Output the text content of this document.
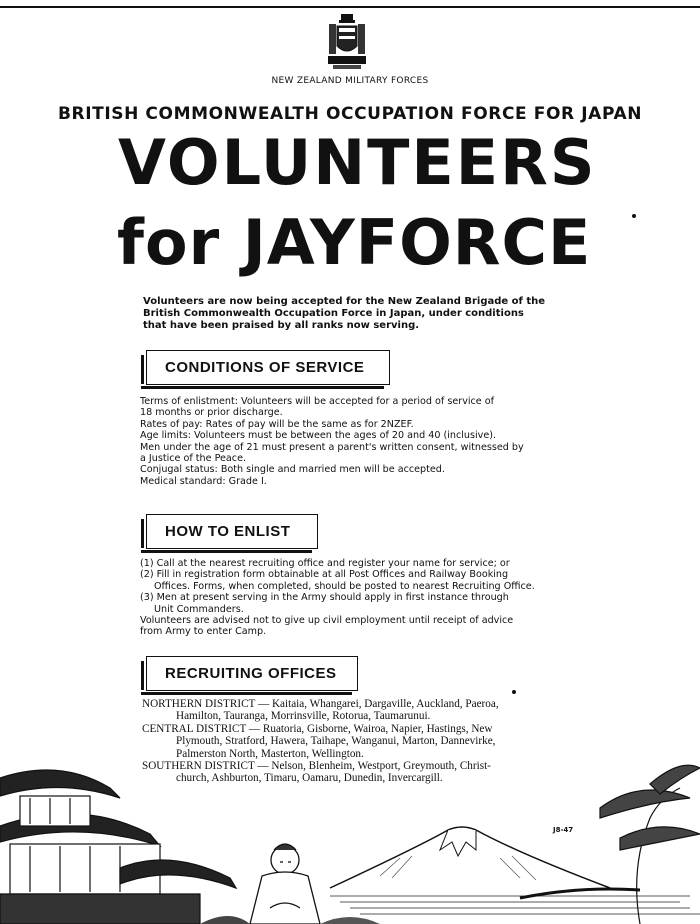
NEW ZEALAND MILITARY FORCES
BRITISH COMMONWEALTH OCCUPATION FORCE FOR JAPAN
VOLUNTEERS
for JAYFORCE
Volunteers are now being accepted for the New Zealand Brigade of the
British Commonwealth Occupation Force in Japan, under conditions
that have been praised by all ranks now serving.
CONDITIONS OF SERVICE
Terms of enlistment: Volunteers will be accepted for a period of service of
18 months or prior discharge.
Rates of pay: Rates of pay will be the same as for 2NZEF.
Age limits: Volunteers must be between the ages of 20 and 40 (inclusive).
Men under the age of 21 must present a parent's written consent, witnessed by
a Justice of the Peace.
Conjugal status: Both single and married men will be accepted.
Medical standard: Grade I.
HOW TO ENLIST
(1) Call at the nearest recruiting office and register your name for service; or
(2) Fill in registration form obtainable at all Post Offices and Railway Booking
Offices. Forms, when completed, should be posted to nearest Recruiting Office.
(3) Men at present serving in the Army should apply in first instance through
Unit Commanders.
Volunteers are advised not to give up civil employment until receipt of advice
from Army to enter Camp.
RECRUITING OFFICES
NORTHERN DISTRICT — Kaitaia, Whangarei, Dargaville, Auckland, Paeroa,
Hamilton, Tauranga, Morrinsville, Rotorua, Taumarunui.
CENTRAL DISTRICT — Ruatoria, Gisborne, Wairoa, Napier, Hastings, New
Plymouth, Stratford, Hawera, Taihape, Wanganui, Marton, Dannevirke,
Palmerston North, Masterton, Wellington.
SOUTHERN DISTRICT — Nelson, Blenheim, Westport, Greymouth, Christ-
church, Ashburton, Timaru, Oamaru, Dunedin, Invercargill.
J8-47
